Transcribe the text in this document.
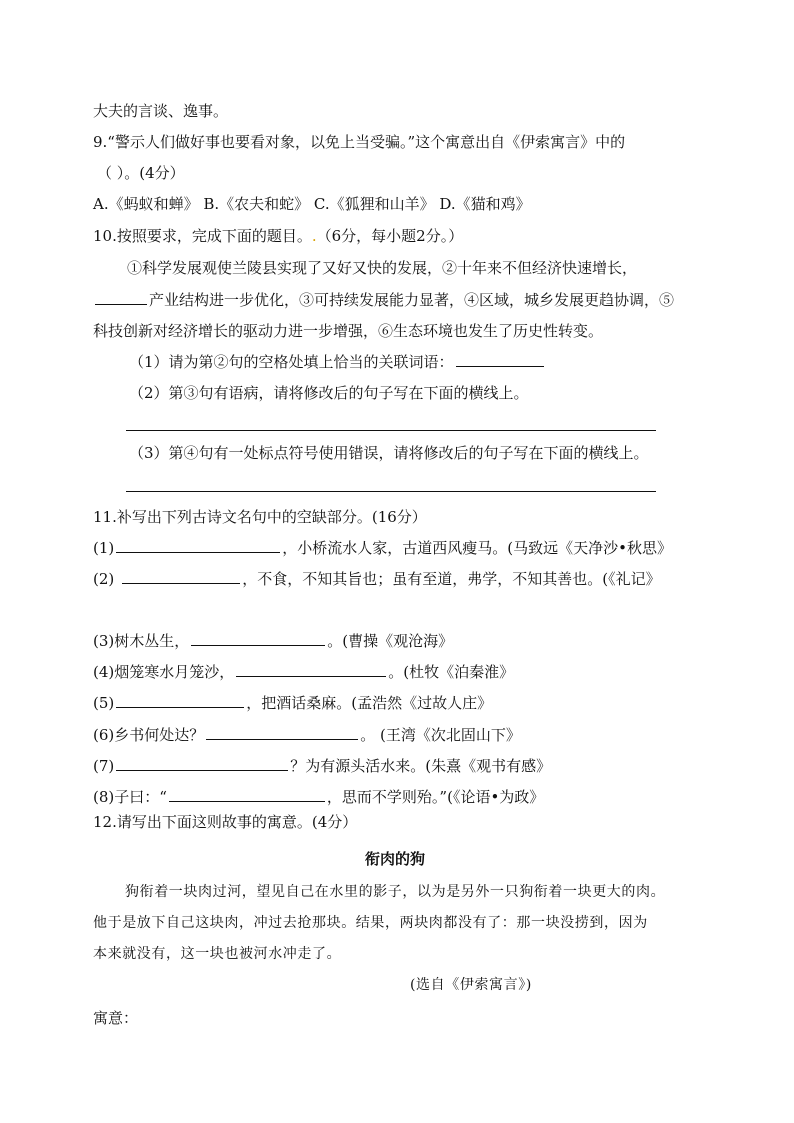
大夫的言谈、逸事。
9.“警示人们做好事也要看对象，以免上当受骗。”这个寓意出自《伊索寓言》中的
（ ）。(4分）
A.《蚂蚁和蝉》 B.《农夫和蛇》 C.《狐狸和山羊》 D.《猫和鸡》
10.按照要求，完成下面的题目。.（6分，每小题2分。）
①科学发展观使兰陵县实现了又好又快的发展，②十年来不但经济快速增长，
产业结构进一步优化，③可持续发展能力显著，④区域，城乡发展更趋协调，⑤
科技创新对经济增长的驱动力进一步增强，⑥生态环境也发生了历史性转变。
（1）请为第②句的空格处填上恰当的关联词语：
（2）第③句有语病，请将修改后的句子写在下面的横线上。
（3）第④句有一处标点符号使用错误，请将修改后的句子写在下面的横线上。
11.补写出下列古诗文名句中的空缺部分。(16分）
(1)	，小桥流水人家，古道西风瘦马。(马致远《天净沙•秋思》
(2)	，不食，不知其旨也；虽有至道，弗学，不知其善也。(《礼记》
(3)树木丛生，	。(曹操《观沧海》
(4)烟笼寒水月笼沙，	。(杜牧《泊秦淮》
(5)	，把酒话桑麻。(孟浩然《过故人庄》
(6)乡书何处达？	。 (王湾《次北固山下》
(7)	？为有源头活水来。(朱熹《观书有感》
(8)子曰：“	，思而不学则殆。”(《论语•为政》
12.请写出下面这则故事的寓意。(4分）
衔肉的狗
狗衔着一块肉过河，望见自己在水里的影子，以为是另外一只狗衔着一块更大的肉。
他于是放下自己这块肉，冲过去抢那块。结果，两块肉都没有了：那一块没捞到，因为
本来就没有，这一块也被河水冲走了。
(选自《伊索寓言》)
寓意：
